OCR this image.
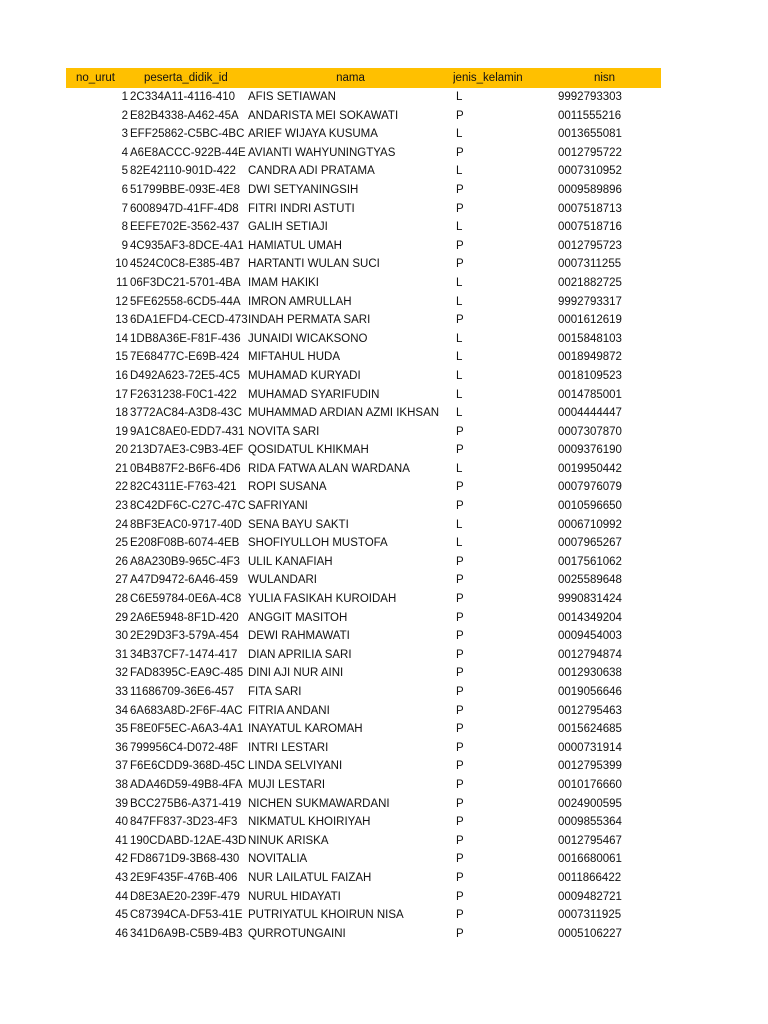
no_urut	peserta_didik_id	nama	jenis_kelamin	nisn
1 2C334A11-4116-410	AFIS SETIAWAN	L	9992793303
2 E82B4338-A462-45A ANDARISTA MEI SOKAWATI	P	0011555216
3 EFF25862-C5BC-4BC ARIEF WIJAYA KUSUMA	L	0013655081
4 A6E8ACCC-922B-44E AVIANTI WAHYUNINGTYAS	P	0012795722
5 82E42110-901D-422	CANDRA ADI PRATAMA	L	0007310952
6 51799BBE-093E-4E8 DWI SETYANINGSIH	P	0009589896
7 6008947D-41FF-4D8 FITRI INDRI ASTUTI	P	0007518713
8 EEFE702E-3562-437 GALIH SETIAJI	L	0007518716
9 4C935AF3-8DCE-4A1 HAMIATUL UMAH	P	0012795723
10 4524C0C8-E385-4B7 HARTANTI WULAN SUCI	P	0007311255
11 06F3DC21-5701-4BA IMAM HAKIKI	L	0021882725
12 5FE62558-6CD5-44A IMRON AMRULLAH	L	9992793317
13 6DA1EFD4-CECD-473 INDAH PERMATA SARI	P	0001612619
14 1DB8A36E-F81F-436 JUNAIDI WICAKSONO	L	0015848103
15 7E68477C-E69B-424 MIFTAHUL HUDA	L	0018949872
16 D492A623-72E5-4C5 MUHAMAD KURYADI	L	0018109523
17 F2631238-F0C1-422 MUHAMAD SYARIFUDIN	L	0014785001
18 3772AC84-A3D8-43C MUHAMMAD ARDIAN AZMI IKHSAN	L	0004444447
19 9A1C8AE0-EDD7-431 NOVITA SARI	P	0007307870
20 213D7AE3-C9B3-4EF QOSIDATUL KHIKMAH	P	0009376190
21 0B4B87F2-B6F6-4D6 RIDA FATWA ALAN WARDANA	L	0019950442
22 82C4311E-F763-421 ROPI SUSANA	P	0007976079
23 8C42DF6C-C27C-47C SAFRIYANI	P	0010596650
24 8BF3EAC0-9717-40D SENA BAYU SAKTI	L	0006710992
25 E208F08B-6074-4EB SHOFIYULLOH MUSTOFA	L	0007965267
26 A8A230B9-965C-4F3 ULIL KANAFIAH	P	0017561062
27 A47D9472-6A46-459 WULANDARI	P	0025589648
28 C6E59784-0E6A-4C8 YULIA FASIKAH KUROIDAH	P	9990831424
29 2A6E5948-8F1D-420 ANGGIT MASITOH	P	0014349204
30 2E29D3F3-579A-454 DEWI RAHMAWATI	P	0009454003
31 34B37CF7-1474-417 DIAN APRILIA SARI	P	0012794874
32 FAD8395C-EA9C-485 DINI AJI NUR AINI	P	0012930638
33 11686709-36E6-457	FITA SARI	P	0019056646
34 6A683A8D-2F6F-4AC FITRIA ANDANI	P	0012795463
35 F8E0F5EC-A6A3-4A1 INAYATUL KAROMAH	P	0015624685
36 799956C4-D072-48F INTRI LESTARI	P	0000731914
37 F6E6CDD9-368D-45C LINDA SELVIYANI	P	0012795399
38 ADA46D59-49B8-4FA MUJI LESTARI	P	0010176660
39 BCC275B6-A371-419 NICHEN SUKMAWARDANI	P	0024900595
40 847FF837-3D23-4F3 NIKMATUL KHOIRIYAH	P	0009855364
41 190CDABD-12AE-43D NINUK ARISKA	P	0012795467
42 FD8671D9-3B68-430 NOVITALIA	P	0016680061
43 2E9F435F-476B-406 NUR LAILATUL FAIZAH	P	0011866422
44 D8E3AE20-239F-479 NURUL HIDAYATI	P	0009482721
45 C87394CA-DF53-41E PUTRIYATUL KHOIRUN NISA	P	0007311925
46 341D6A9B-C5B9-4B3 QURROTUNGAINI	P	0005106227
